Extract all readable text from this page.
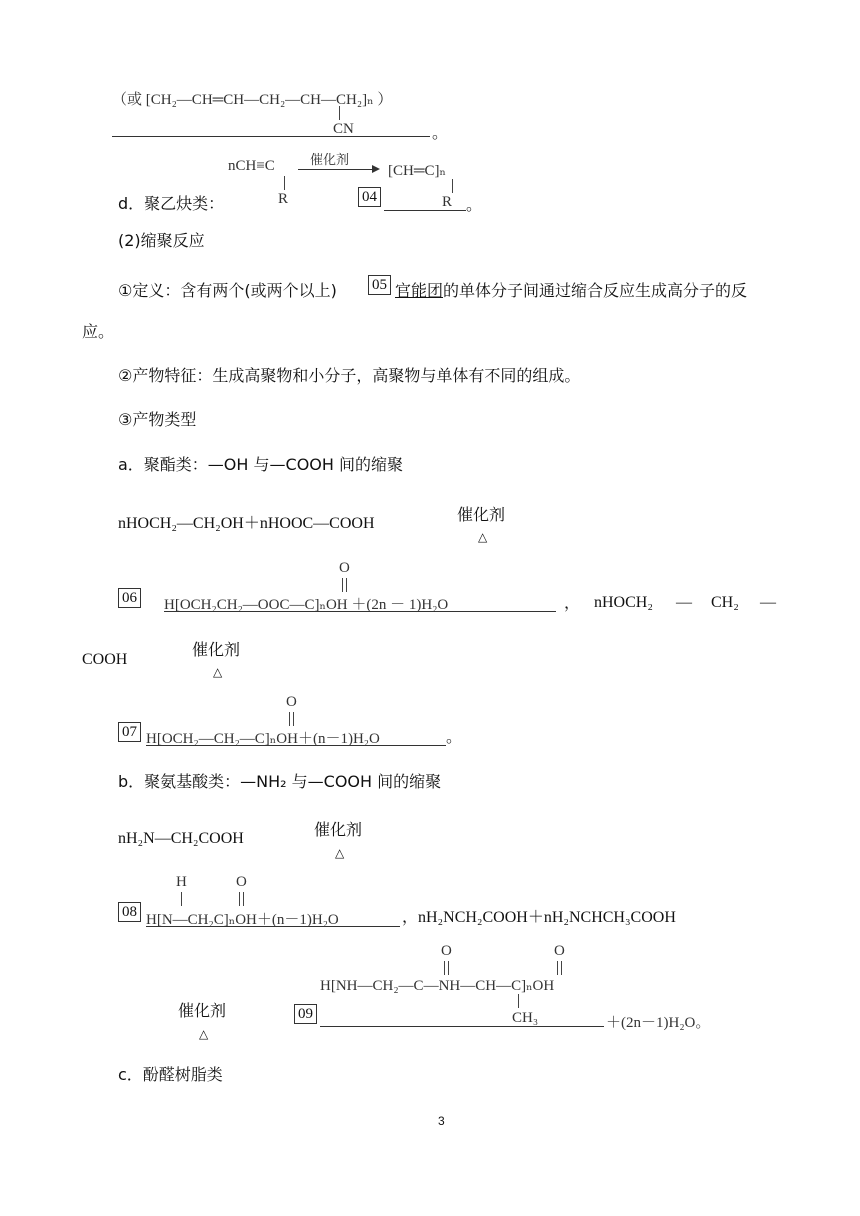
（或 [CH₂—CH═CH—CH₂—CH—CH₂]ₙ ）
CN	。
nCH≡C
R
催化剂
[CH═C]ₙ
d．聚乙炔类：	04	R 。
(2)缩聚反应
①定义：含有两个(或两个以上) 05 官能团 的单体分子间通过缩合反应生成高分子的反
应。
②产物特征：生成高聚物和小分子，高聚物与单体有不同的组成。
③产物类型
a．聚酯类：—OH 与—COOH 间的缩聚
nHOCH₂—CH₂OH＋nHOOC—COOH	催化剂
△
O
06 H[OCH₂CH₂—OOC—C]ₙOH ＋(2n － 1)H₂O	， nHOCH₂ — CH₂ —
COOH
催化剂
△
O
07 H[OCH₂—CH₂—C]ₙOH＋(n－1)H₂O	。
b．聚氨基酸类：—NH₂ 与—COOH 间的缩聚
nH₂N—CH₂COOH	催化剂
△
H	O
08 H[N—CH₂C]ₙOH＋(n－1)H₂O	，nH₂NCH₂COOH＋nH₂NCHCH₃COOH
O	O
H[NH—CH₂—C—NH—CH—C]ₙOH
催化剂
△
09	CH₃	＋(2n－1)H₂O。
c．酚醛树脂类
3
